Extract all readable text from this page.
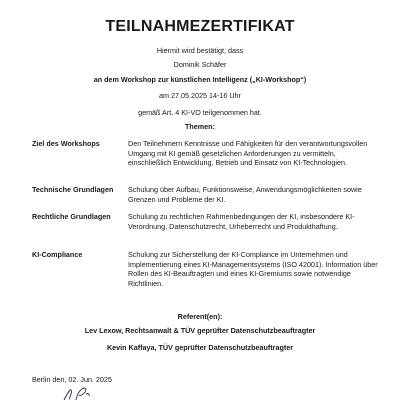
TEILNAHMEZERTIFIKAT
Hiermit wird bestätigt, dass
Dominik Schäfer
an dem Workshop zur künstlichen Intelligenz („KI-Workshop“)
am 27.05.2025 14-16 Uhr
gemäß Art. 4 KI-VO teilgenommen hat.
Themen:
Ziel des Workshops	Den Teilnehmern Kenntnisse und Fähigkeiten für den verantwortungsvollen Umgang mit KI gemäß gesetzlichen Anforderungen zu vermitteln, einschließlich Entwicklung, Betrieb und Einsatz von KI-Technologien.
Technische Grundlagen	Schulung über Aufbau, Funktionsweise, Anwendungsmöglichkeiten sowie Grenzen und Probleme der KI.
Rechtliche Grundlagen	Schulung zu rechtlichen Rahmenbedingungen der KI, insbesondere KI-Verordnung, Datenschutzrecht, Urheberrecht und Produkthaftung.
KI-Compliance	Schulung zur Sicherstellung der KI-Compliance im Unternehmen und Implementierung eines KI-Managementsystems (ISO 42001). Information über Rollen des KI-Beauftragten und eines KI-Gremiums sowie notwendige Richtlinien.
Referent(en):
Lev Lexow, Rechtsanwalt & TÜV geprüfter Datenschutzbeauftragter
Kevin Kaffaya, TÜV geprüfter Datenschutzbeauftragter
Berlin den, 02. Jun. 2025
